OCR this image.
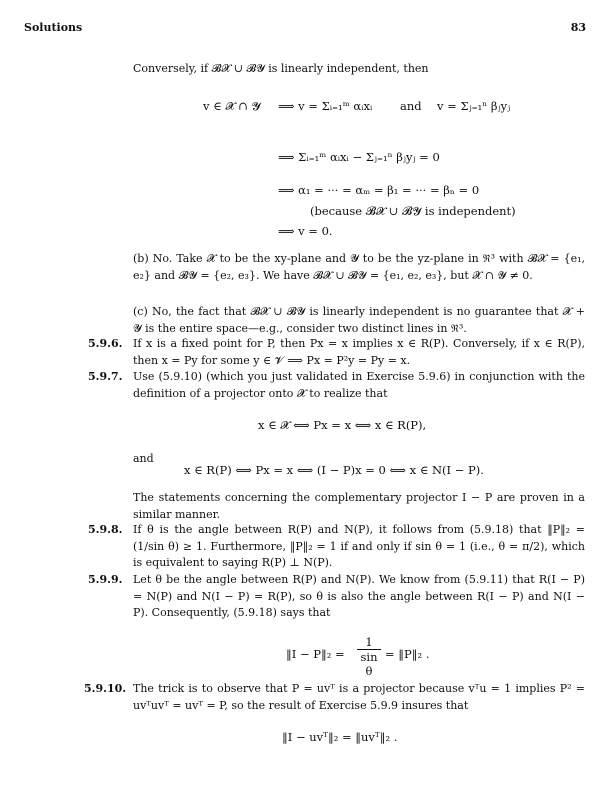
Solutions	83
Conversely, if 𝓑𝓧 ∪ 𝓑𝓨 is linearly independent, then
v ∈ 𝓧 ∩ 𝓨 ⟹ v = Σᵢ₌₁ᵐ αᵢxᵢ and v = Σⱼ₌₁ⁿ βⱼyⱼ
⟹ Σᵢ₌₁ᵐ αᵢxᵢ − Σⱼ₌₁ⁿ βⱼyⱼ = 0
⟹ α₁ = ··· = αₘ = β₁ = ··· = βₙ = 0
(because 𝓑𝓧 ∪ 𝓑𝓨 is independent)
⟹ v = 0.
(b) No. Take 𝓧 to be the xy-plane and 𝓨 to be the yz-plane in ℜ³ with 𝓑𝓧 = {e₁, e₂} and 𝓑𝓨 = {e₂, e₃}. We have 𝓑𝓧 ∪ 𝓑𝓨 = {e₁, e₂, e₃}, but 𝓧 ∩ 𝓨 ≠ 0.
(c) No, the fact that 𝓑𝓧 ∪ 𝓑𝓨 is linearly independent is no guarantee that 𝓧 + 𝓨 is the entire space—e.g., consider two distinct lines in ℜ³.
5.9.6. If x is a fixed point for P, then Px = x implies x ∈ R(P). Conversely, if x ∈ R(P), then x = Py for some y ∈ 𝓥 ⟹ Px = P²y = Py = x.
5.9.7. Use (5.9.10) (which you just validated in Exercise 5.9.6) in conjunction with the definition of a projector onto 𝓧 to realize that
x ∈ 𝓧 ⟺ Px = x ⟺ x ∈ R(P),
and
x ∈ R(P) ⟺ Px = x ⟺ (I − P)x = 0 ⟺ x ∈ N(I − P).
The statements concerning the complementary projector I − P are proven in a similar manner.
5.9.8. If θ is the angle between R(P) and N(P), it follows from (5.9.18) that ‖P‖₂ = (1/sin θ) ≥ 1. Furthermore, ‖P‖₂ = 1 if and only if sin θ = 1 (i.e., θ = π/2), which is equivalent to saying R(P) ⊥ N(P).
5.9.9. Let θ be the angle between R(P) and N(P). We know from (5.9.11) that R(I − P) = N(P) and N(I − P) = R(P), so θ is also the angle between R(I − P) and N(I − P). Consequently, (5.9.18) says that
‖I − P‖₂ = $\frac{1}{\text{sin θ}}$ = ‖P‖₂ .
5.9.10. The trick is to observe that P = uvᵀ is a projector because vᵀu = 1 implies P² = uvᵀuvᵀ = uvᵀ = P, so the result of Exercise 5.9.9 insures that
‖I − uvᵀ‖₂ = ‖uvᵀ‖₂ .
